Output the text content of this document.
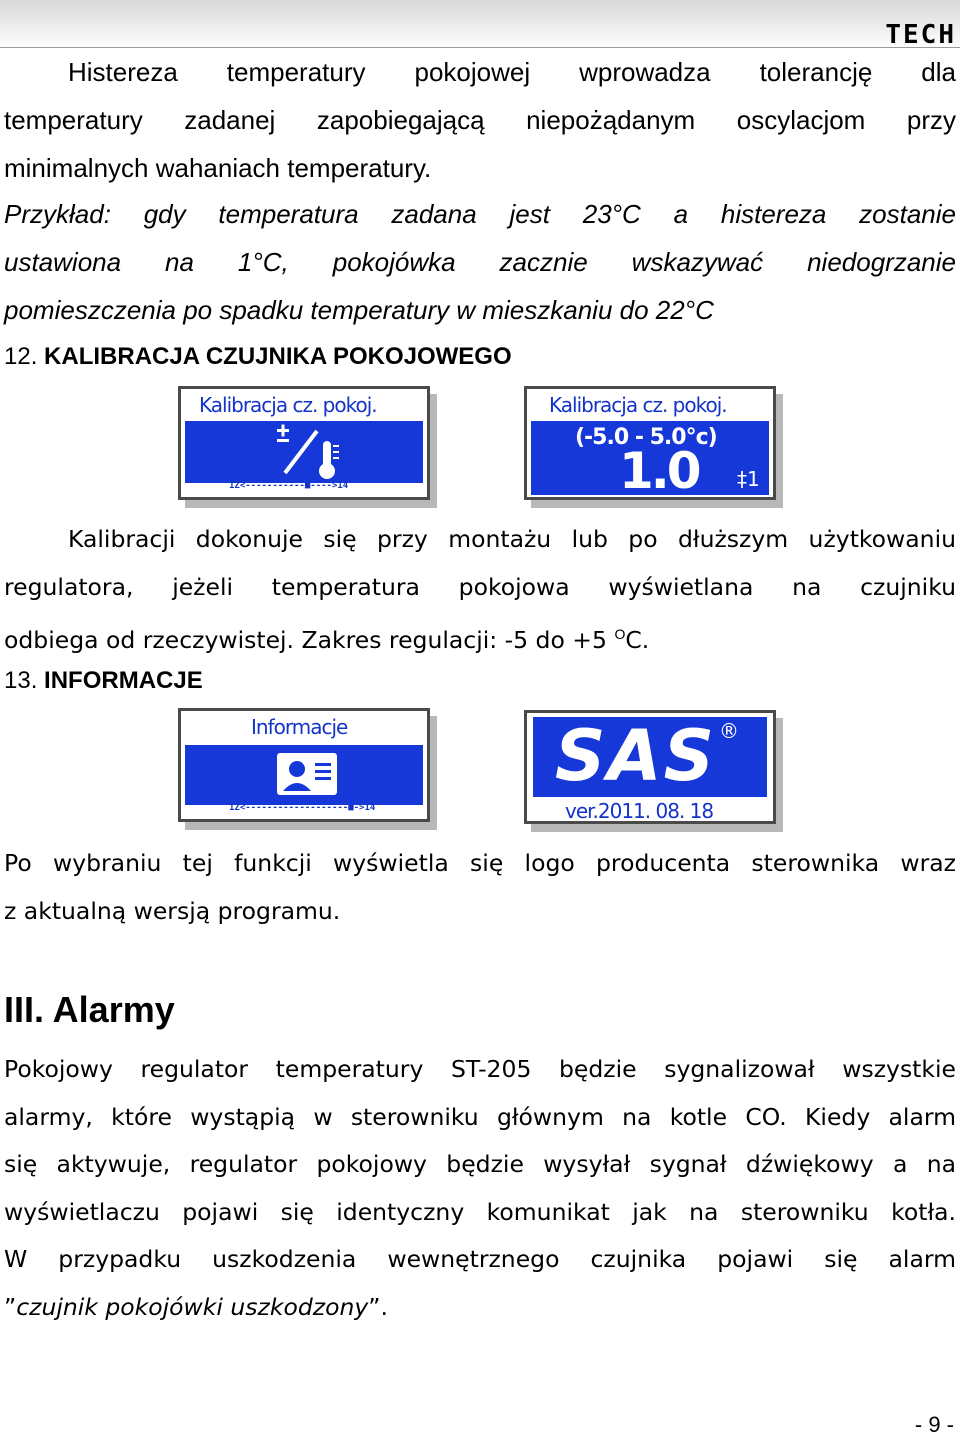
TECH
Histereza temperatury pokojowej wprowadza tolerancję dla
temperatury zadanej zapobiegającą niepożądanym oscylacjom przy
minimalnych wahaniach temperatury.
Przykład: gdy temperatura zadana jest 23°C a histereza zostanie
ustawiona na 1°C, pokojówka zacznie wskazywać niedogrzanie
pomieszczenia po spadku temperatury w mieszkaniu do 22°C
12. KALIBRACJA CZUJNIKA POKOJOWEGO
Kalibracja cz. pokoj.
1Z<-----------■---->14
Kalibracja cz. pokoj.
(-5.0 - 5.0°c)
1.0 ‡1
Kalibracji dokonuje się przy montażu lub po dłuższym użytkowaniu
regulatora, jeżeli temperatura pokojowa wyświetlana na czujniku
odbiega od rzeczywistej. Zakres regulacji: -5 do +5 $^O$C.
13. INFORMACJE
Informacje
1Z<-------------------■->14
SAS ®
ver.2011. 08. 18
Po wybraniu tej funkcji wyświetla się logo producenta sterownika wraz
z aktualną wersją programu.
III. Alarmy
Pokojowy regulator temperatury ST-205 będzie sygnalizował wszystkie
alarmy, które wystąpią w sterowniku głównym na kotle CO. Kiedy alarm
się aktywuje, regulator pokojowy będzie wysyłał sygnał dźwiękowy a na
wyświetlaczu pojawi się identyczny komunikat jak na sterowniku kotła.
W przypadku uszkodzenia wewnętrznego czujnika pojawi się alarm
”czujnik pokojówki uszkodzony”.
- 9 -
